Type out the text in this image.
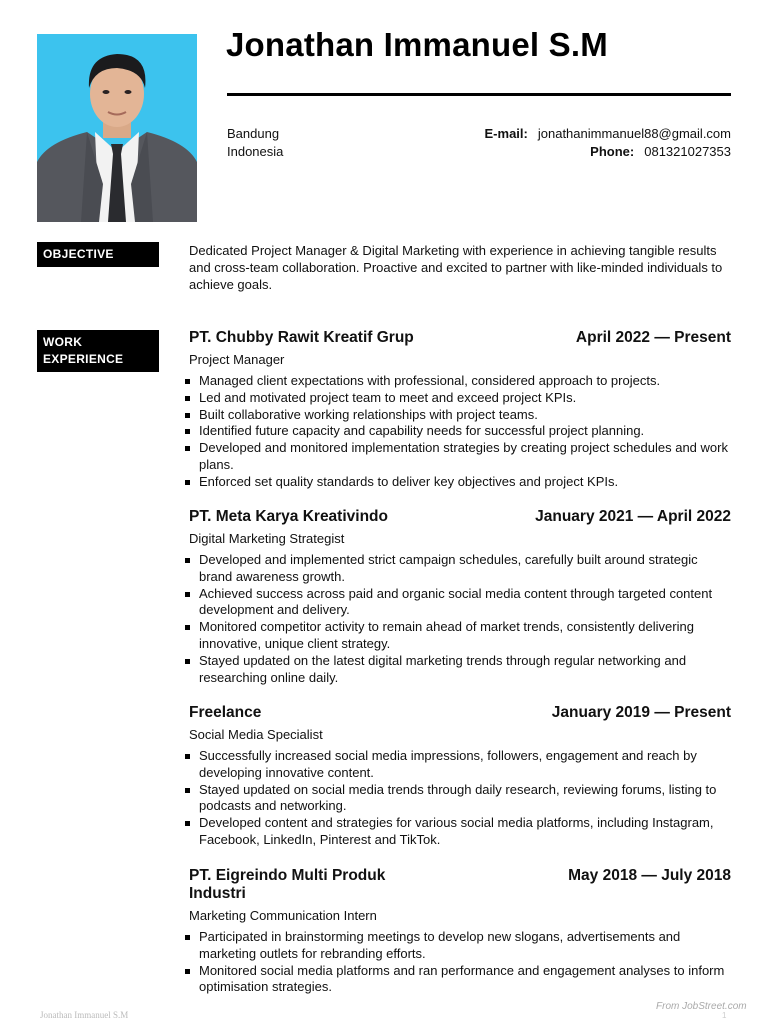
Jonathan Immanuel S.M
Bandung
Indonesia
E-mail: jonathanimmanuel88@gmail.com
Phone: 081321027353
OBJECTIVE	Dedicated Project Manager & Digital Marketing with experience in achieving tangible results and cross-team collaboration. Proactive and excited to partner with like-minded individuals to achieve goals.
WORK
EXPERIENCE
PT. Chubby Rawit Kreatif Grup	April 2022 — Present
Project Manager
Managed client expectations with professional, considered approach to projects.
Led and motivated project team to meet and exceed project KPIs.
Built collaborative working relationships with project teams.
Identified future capacity and capability needs for successful project planning.
Developed and monitored implementation strategies by creating project schedules and work plans.
Enforced set quality standards to deliver key objectives and project KPIs.
PT. Meta Karya Kreativindo	January 2021 — April 2022
Digital Marketing Strategist
Developed and implemented strict campaign schedules, carefully built around strategic brand awareness growth.
Achieved success across paid and organic social media content through targeted content development and delivery.
Monitored competitor activity to remain ahead of market trends, consistently delivering innovative, unique client strategy.
Stayed updated on the latest digital marketing trends through regular networking and researching online daily.
Freelance	January 2019 — Present
Social Media Specialist
Successfully increased social media impressions, followers, engagement and reach by developing innovative content.
Stayed updated on social media trends through daily research, reviewing forums, listing to podcasts and networking.
Developed content and strategies for various social media platforms, including Instagram, Facebook, LinkedIn, Pinterest and TikTok.
PT. Eigreindo Multi Produk Industri
May 2018 — July 2018
Marketing Communication Intern
Participated in brainstorming meetings to develop new slogans, advertisements and marketing outlets for rebranding efforts.
Monitored social media platforms and ran performance and engagement analyses to inform optimisation strategies.
Jonathan Immanuel S.M
From JobStreet.com
1
